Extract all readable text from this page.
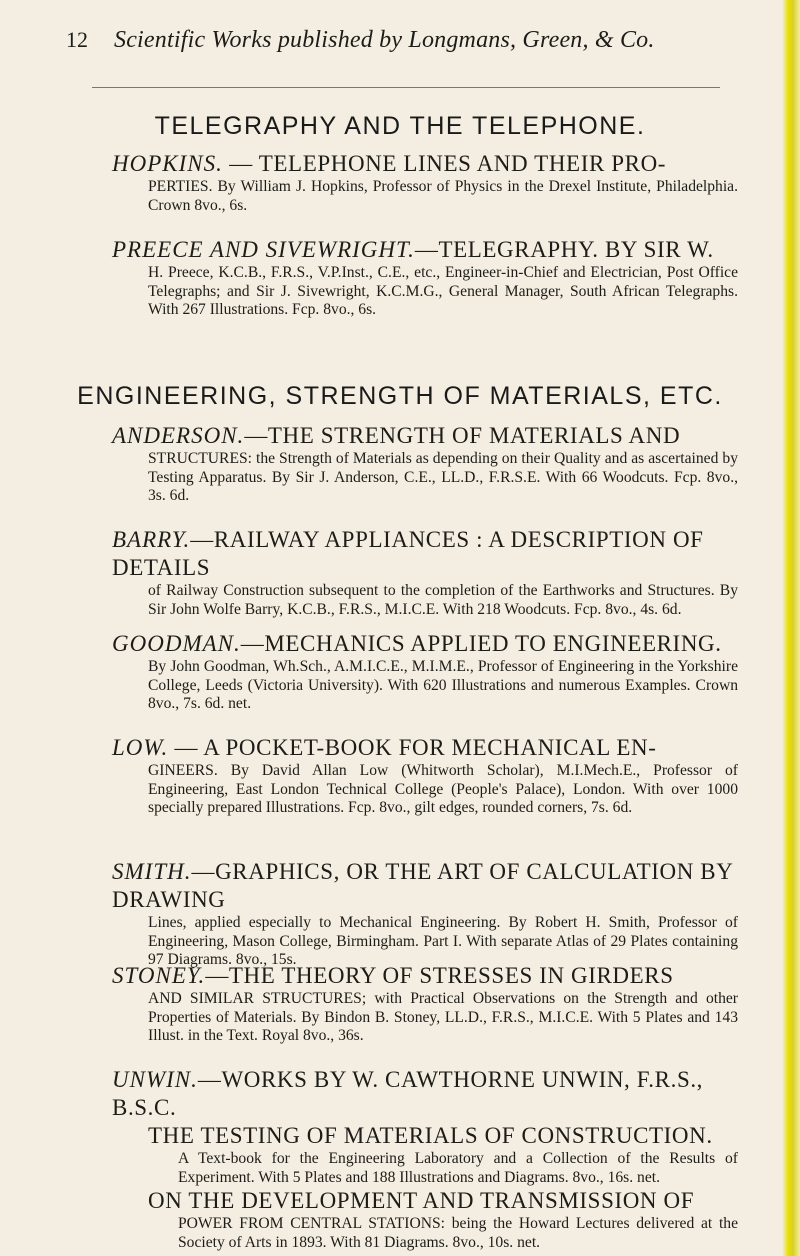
12	Scientific Works published by Longmans, Green, & Co.
TELEGRAPHY AND THE TELEPHONE.

HOPKINS. — TELEPHONE LINES AND THEIR PRO-

PERTIES. By William J. Hopkins, Professor of Physics in the Drexel Institute, Philadelphia. Crown 8vo., 6s.

PREECE AND SIVEWRIGHT.—TELEGRAPHY. BY SIR W.

H. Preece, K.C.B., F.R.S., V.P.Inst., C.E., etc., Engineer-in-Chief and Electrician, Post Office Telegraphs; and Sir J. Sivewright, K.C.M.G., General Manager, South African Telegraphs. With 267 Illustrations. Fcp. 8vo., 6s.

ENGINEERING, STRENGTH OF MATERIALS, ETC.

ANDERSON.—THE STRENGTH OF MATERIALS AND

STRUCTURES: the Strength of Materials as depending on their Quality and as ascertained by Testing Apparatus. By Sir J. Anderson, C.E., LL.D., F.R.S.E. With 66 Woodcuts. Fcp. 8vo., 3s. 6d.

BARRY.—RAILWAY APPLIANCES : A DESCRIPTION OF DETAILS

of Railway Construction subsequent to the completion of the Earthworks and Structures. By Sir John Wolfe Barry, K.C.B., F.R.S., M.I.C.E. With 218 Woodcuts. Fcp. 8vo., 4s. 6d.

GOODMAN.—MECHANICS APPLIED TO ENGINEERING.

By John Goodman, Wh.Sch., A.M.I.C.E., M.I.M.E., Professor of Engineering in the Yorkshire College, Leeds (Victoria University). With 620 Illustrations and numerous Examples. Crown 8vo., 7s. 6d. net.

LOW. — A POCKET-BOOK FOR MECHANICAL EN-

GINEERS. By David Allan Low (Whitworth Scholar), M.I.Mech.E., Professor of Engineering, East London Technical College (People's Palace), London. With over 1000 specially prepared Illustrations. Fcp. 8vo., gilt edges, rounded corners, 7s. 6d.

SMITH.—GRAPHICS, OR THE ART OF CALCULATION BY DRAWING

Lines, applied especially to Mechanical Engineering. By Robert H. Smith, Professor of Engineering, Mason College, Birmingham. Part I. With separate Atlas of 29 Plates containing 97 Diagrams. 8vo., 15s.

STONEY.—THE THEORY OF STRESSES IN GIRDERS

AND SIMILAR STRUCTURES; with Practical Observations on the Strength and other Properties of Materials. By Bindon B. Stoney, LL.D., F.R.S., M.I.C.E. With 5 Plates and 143 Illust. in the Text. Royal 8vo., 36s.

UNWIN.—WORKS BY W. CAWTHORNE UNWIN, F.R.S., B.S.C.

THE TESTING OF MATERIALS OF CONSTRUCTION.

A Text-book for the Engineering Laboratory and a Collection of the Results of Experiment. With 5 Plates and 188 Illustrations and Diagrams. 8vo., 16s. net.

ON THE DEVELOPMENT AND TRANSMISSION OF

POWER FROM CENTRAL STATIONS: being the Howard Lectures delivered at the Society of Arts in 1893. With 81 Diagrams. 8vo., 10s. net.
